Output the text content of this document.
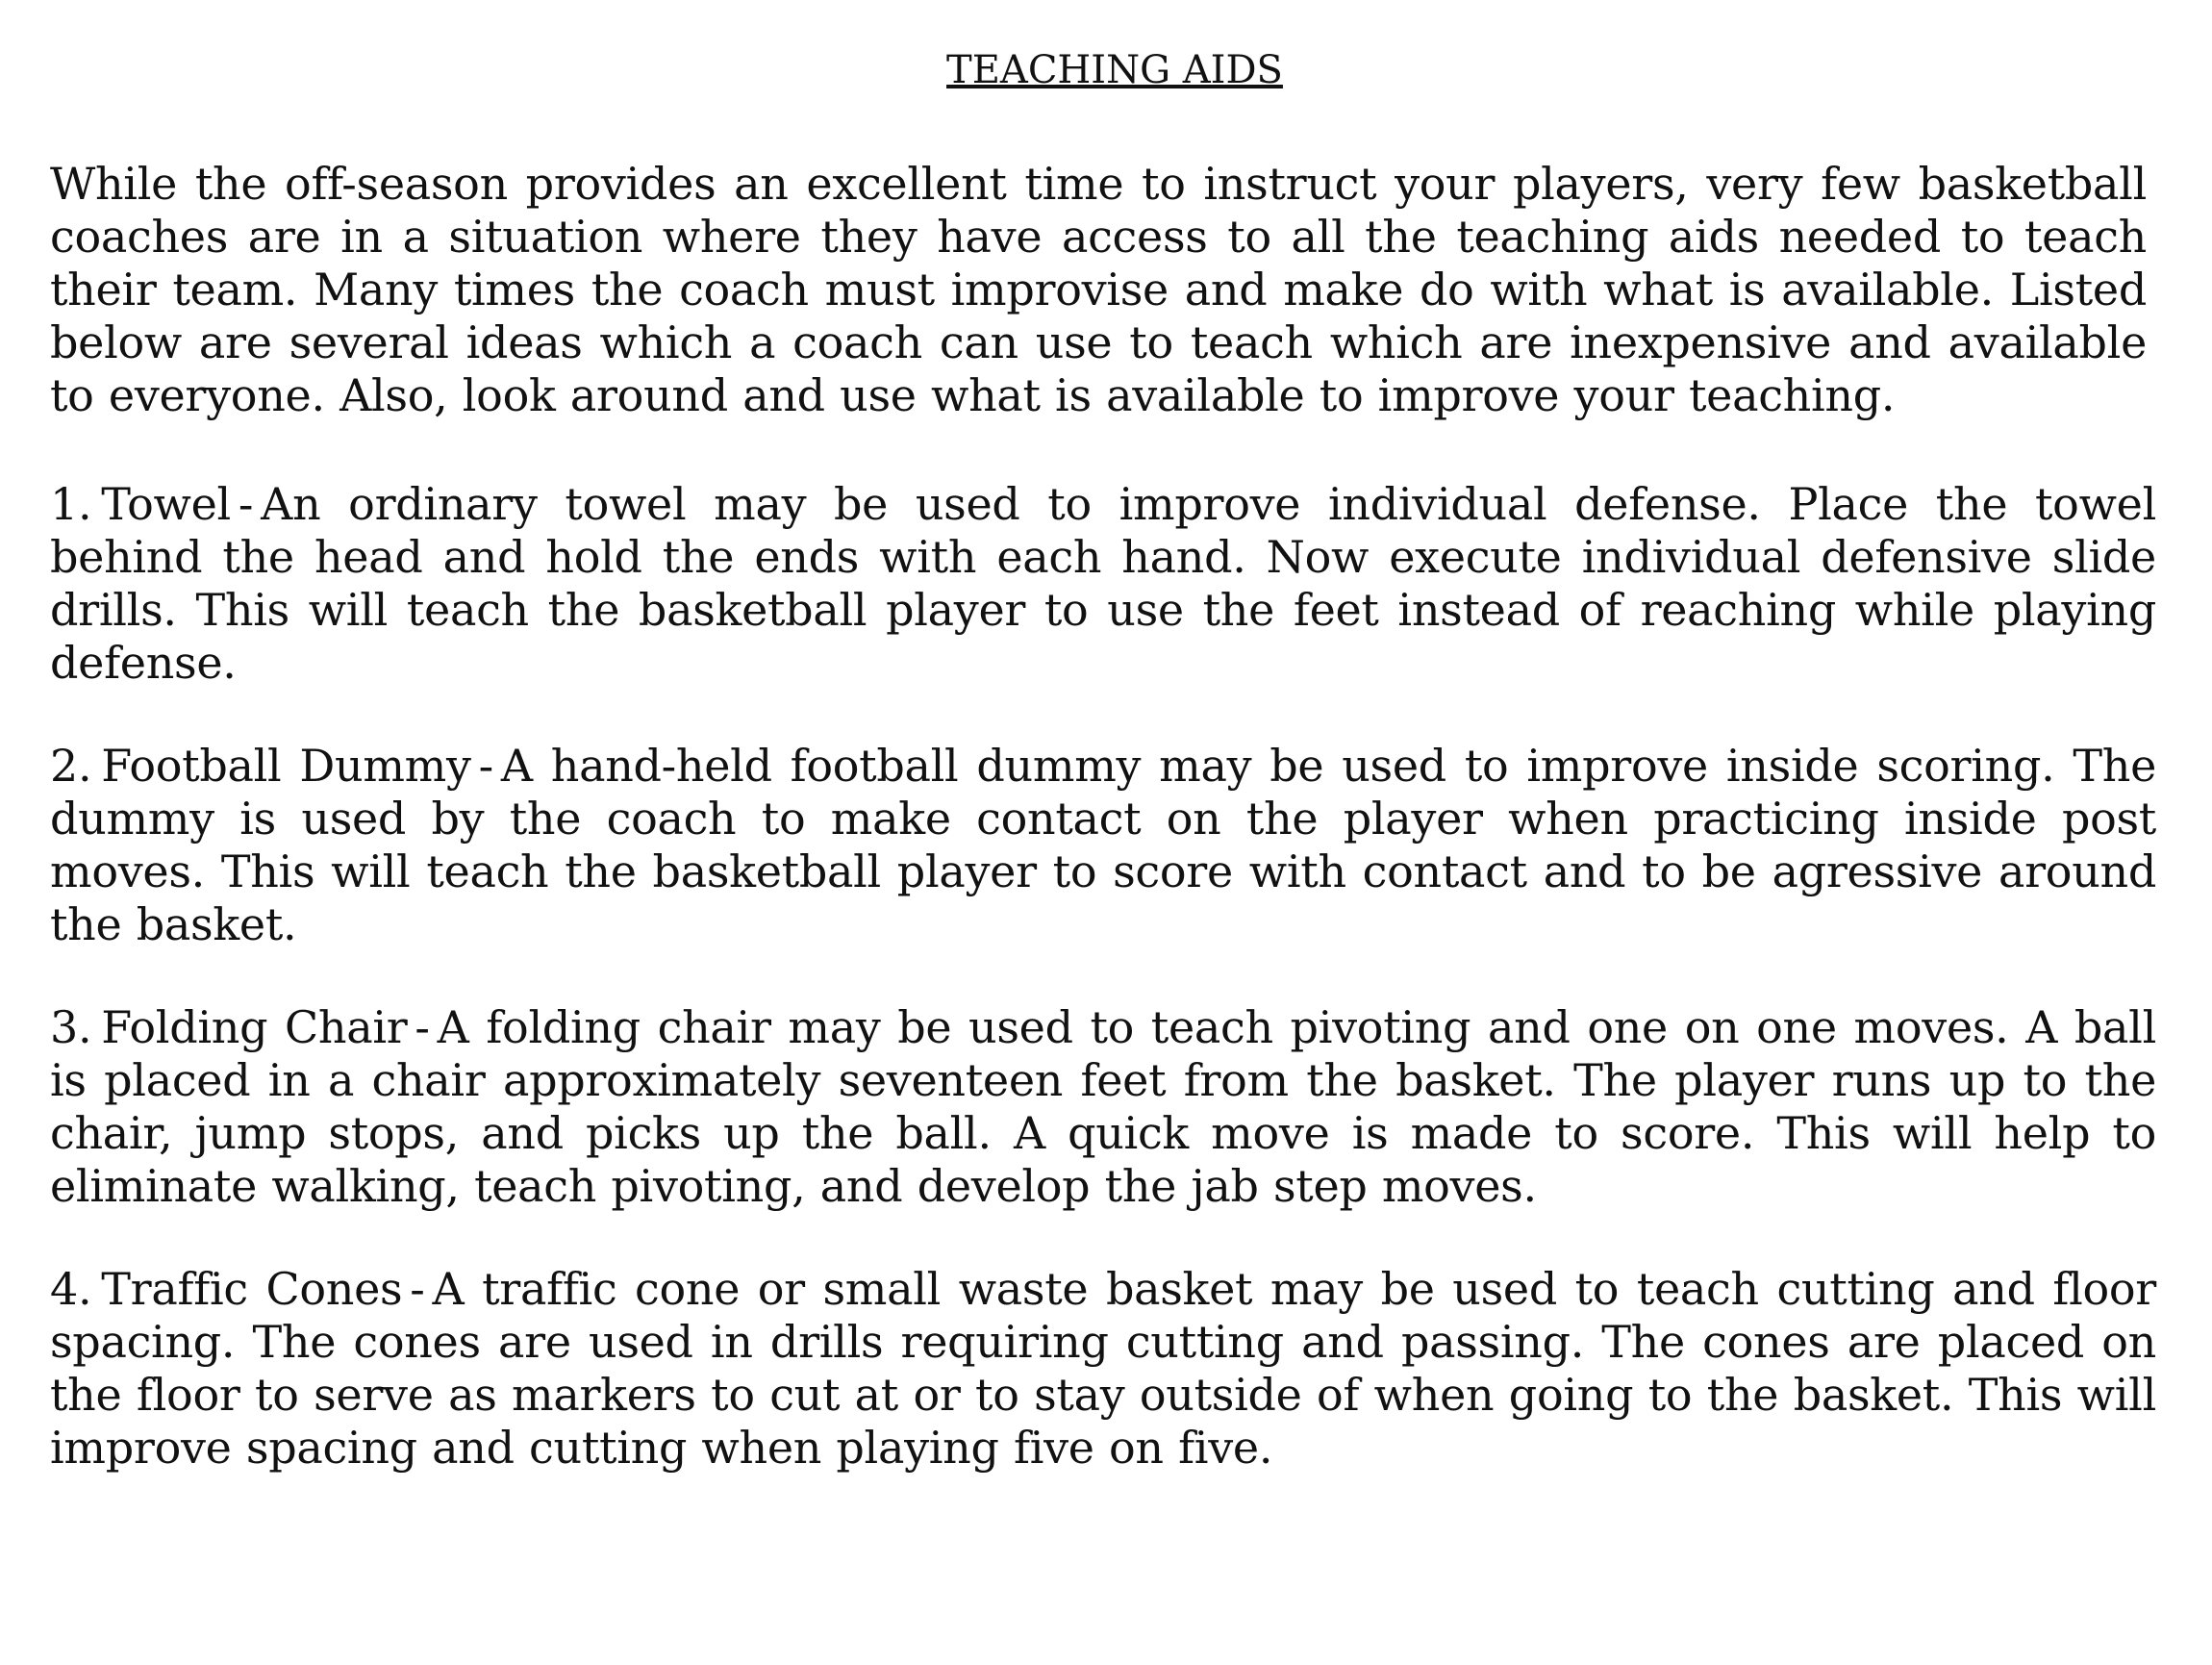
TEACHING AIDS

While the off-season provides an excellent time to instruct your players, very few basketball coaches are in a situation where they have access to all the teaching aids needed to teach their team. Many times the coach must improvise and make do with what is available. Listed below are several ideas which a coach can use to teach which are inexpensive and available to everyone. Also, look around and use what is available to improve your teaching.

1. Towel - An ordinary towel may be used to improve individual defense. Place the towel behind the head and hold the ends with each hand. Now execute individual defensive slide drills. This will teach the basketball player to use the feet instead of reaching while playing defense.

2. Football Dummy - A hand-held football dummy may be used to improve inside scoring. The dummy is used by the coach to make contact on the player when practicing inside post moves. This will teach the basketball player to score with contact and to be agressive around the basket.

3. Folding Chair - A folding chair may be used to teach pivoting and one on one moves. A ball is placed in a chair approximately seventeen feet from the basket. The player runs up to the chair, jump stops, and picks up the ball. A quick move is made to score. This will help to eliminate walking, teach pivoting, and develop the jab step moves.

4. Traffic Cones - A traffic cone or small waste basket may be used to teach cutting and floor spacing. The cones are used in drills requiring cutting and passing. The cones are placed on the floor to serve as markers to cut at or to stay outside of when going to the basket. This will improve spacing and cutting when playing five on five.
